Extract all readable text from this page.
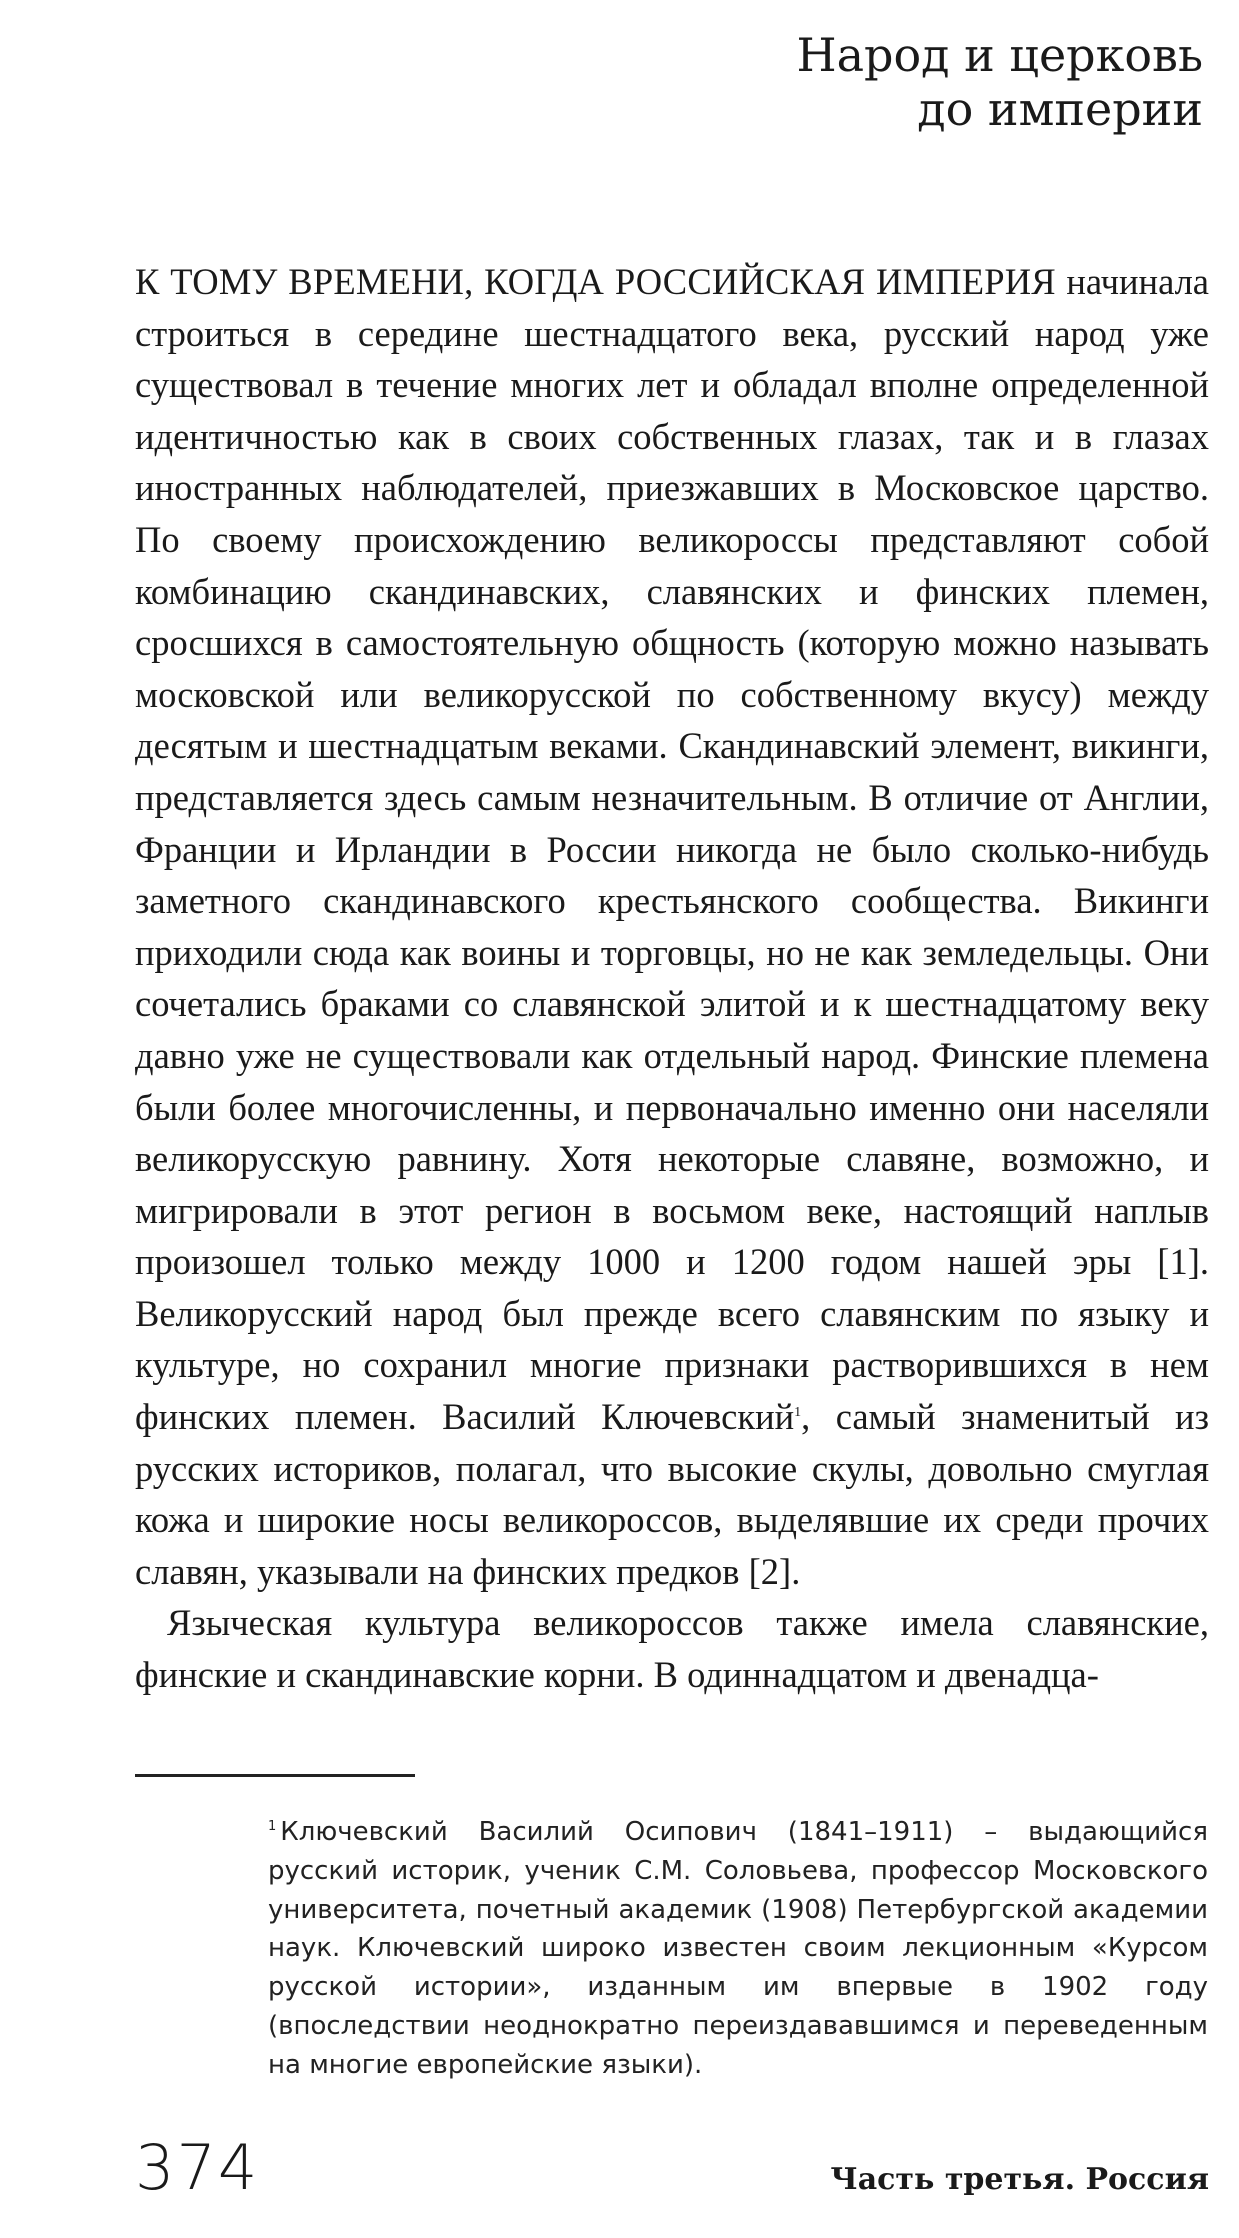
Народ и церковь
до империи

К ТОМУ ВРЕМЕНИ, КОГДА РОССИЙСКАЯ ИМПЕРИЯ начинала строиться в середине шестнадцатого века, русский народ уже существовал в течение многих лет и обладал вполне определенной идентичностью как в своих собственных глазах, так и в глазах иностранных наблюдателей, приезжавших в Московское царство. По своему происхождению великороссы представляют собой комбинацию скандинавских, славянских и финских племен, сросшихся в самостоятельную общность (которую можно называть московской или великорусской по собственному вкусу) между десятым и шестнадцатым веками. Скандинавский элемент, викинги, представляется здесь самым незначительным. В отличие от Англии, Франции и Ирландии в России никогда не было сколько-нибудь заметного скандинавского крестьянского сообщества. Викинги приходили сюда как воины и торговцы, но не как земледельцы. Они сочетались браками со славянской элитой и к шестнадцатому веку давно уже не существовали как отдельный народ. Финские племена были более многочисленны, и первоначально именно они населяли великорусскую равнину. Хотя некоторые славяне, возможно, и мигрировали в этот регион в восьмом веке, настоящий наплыв произошел только между 1000 и 1200 годом нашей эры [1]. Великорусский народ был прежде всего славянским по языку и культуре, но сохранил многие признаки растворившихся в нем финских племен. Василий Ключевский$^1$, самый знаменитый из русских историков, полагал, что высокие скулы, довольно смуглая кожа и широкие носы великороссов, выделявшие их среди прочих славян, указывали на финских предков [2].

Языческая культура великороссов также имела славянские, финские и скандинавские корни. В одиннадцатом и двенадца-

$^1$ Ключевский Василий Осипович (1841–1911) – выдающийся русский историк, ученик С.М. Соловьева, профессор Московского университета, почетный академик (1908) Петербургской академии наук. Ключевский широко известен своим лекционным «Курсом русской истории», изданным им впервые в 1902 году (впоследствии неоднократно переиздававшимся и переведенным на многие европейские языки).
374	Часть третья. Россия
